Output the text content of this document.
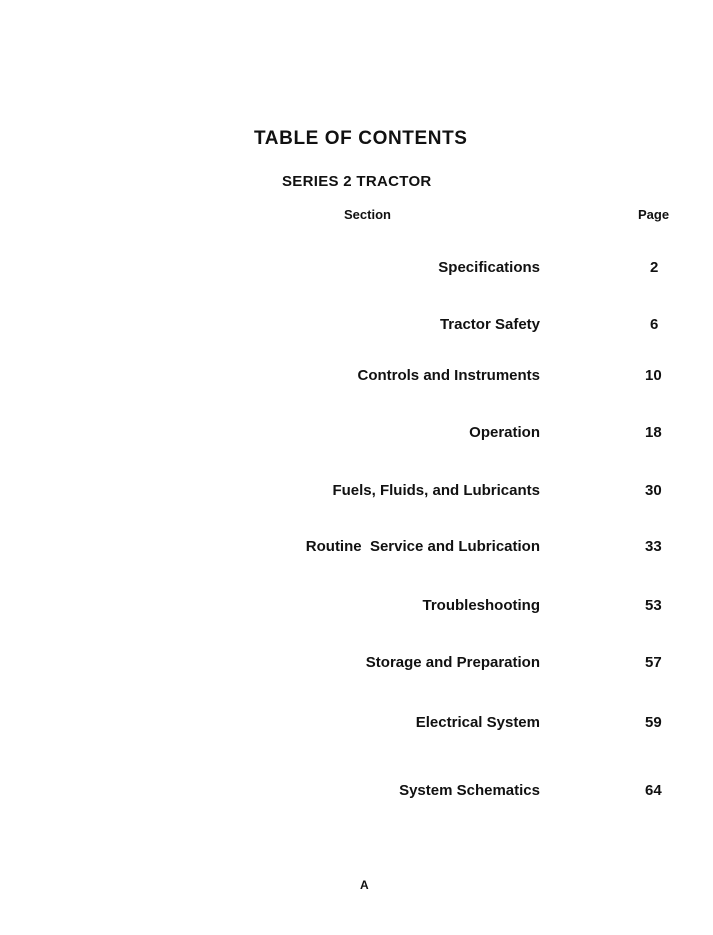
TABLE OF CONTENTS
SERIES 2 TRACTOR
Section	Page
Specifications	2
Tractor Safety	6
Controls and Instruments	10
Operation	18
Fuels, Fluids, and Lubricants	30
Routine  Service and Lubrication	33
Troubleshooting	53
Storage and Preparation	57
Electrical System	59
System Schematics	64
A
